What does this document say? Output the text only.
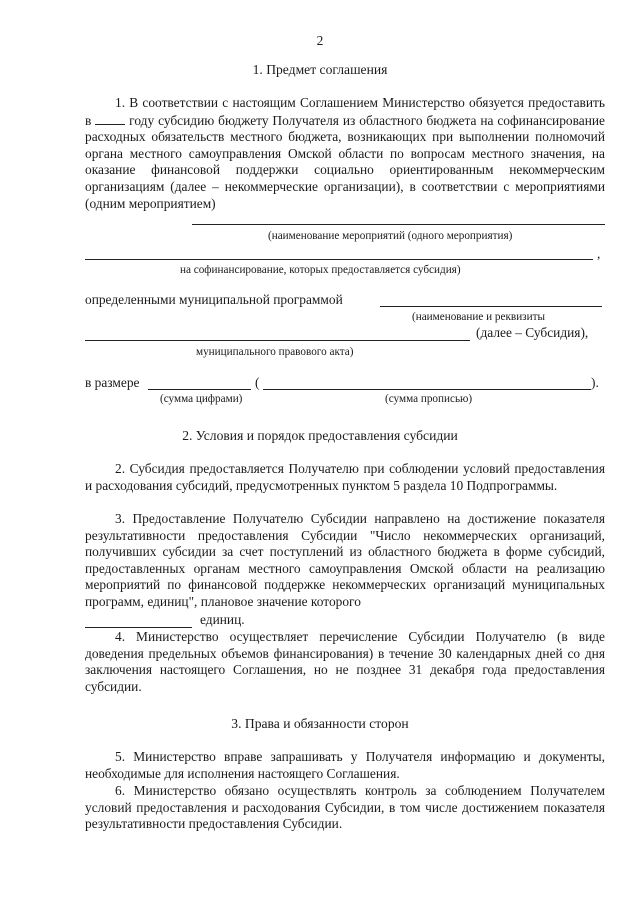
2
1. Предмет соглашения

1. В соответствии с настоящим Соглашением Министерство обязуется предоставить в	году субсидию бюджету Получателя из областного бюджета на софинансирование расходных обязательств местного бюджета, возникающих при выполнении полномочий органа местного самоуправления Омской области по вопросам местного значения, на оказание финансовой поддержки социально ориентированным некоммерческим организациям (далее – некоммерческие организации), в соответствии с мероприятиями (одним мероприятием)

(наименование мероприятий (одного мероприятия)
,
на софинансирование, которых предоставляется субсидия)
определенными муниципальной программой
(наименование и реквизиты
(далее – Субсидия),
муниципального правового акта)
в размере	(	).
(сумма цифрами)	(сумма прописью)
2. Условия и порядок предоставления субсидии

2. Субсидия предоставляется Получателю при соблюдении условий предоставления и расходования субсидий, предусмотренных пунктом 5 раздела 10 Подпрограммы.

3. Предоставление Получателю Субсидии направлено на достижение показателя результативности предоставления Субсидии "Число некоммерческих организаций, получивших субсидии за счет поступлений из областного бюджета в форме субсидий, предоставленных органам местного самоуправления Омской области на реализацию мероприятий по финансовой поддержке некоммерческих организаций муниципальных программ, единиц", плановое значение которого

единиц.

4. Министерство осуществляет перечисление Субсидии Получателю (в виде доведения предельных объемов финансирования) в течение 30 календарных дней со дня заключения настоящего Соглашения, но не позднее 31 декабря года предоставления субсидии.

3. Права и обязанности сторон

5. Министерство вправе запрашивать у Получателя информацию и документы, необходимые для исполнения настоящего Соглашения.

6. Министерство обязано осуществлять контроль за соблюдением Получателем условий предоставления и расходования Субсидии, в том числе достижением показателя результативности предоставления Субсидии.
